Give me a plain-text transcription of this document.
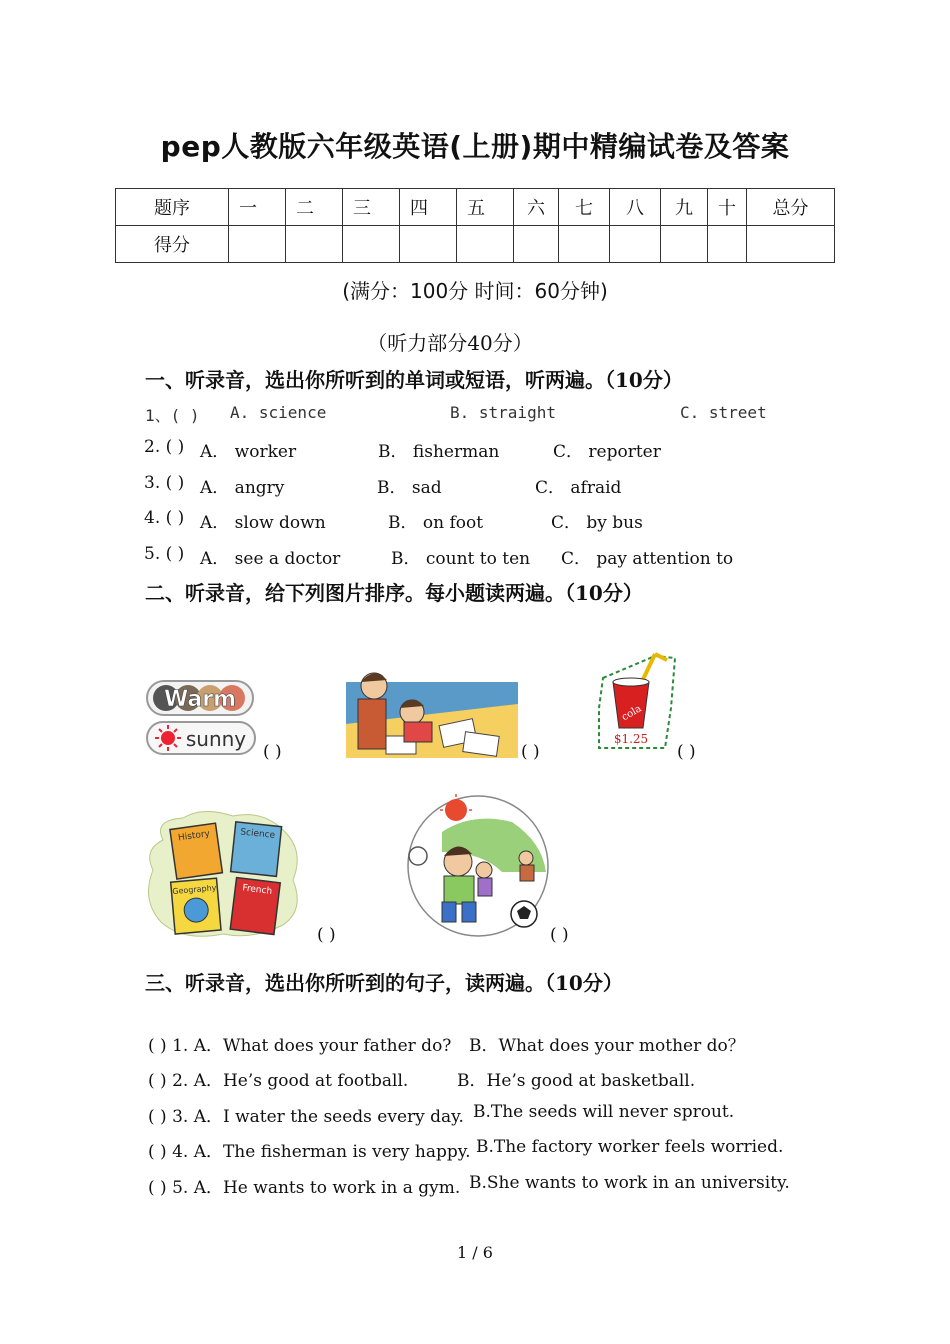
pep人教版六年级英语(上册)期中精编试卷及答案
题序	一	二	三	四	五	六	七	八	九	十	总分
得分											
(满分：100分 时间：60分钟)
（听力部分40分）
一、听录音，选出你所听到的单词或短语，听两遍。（10分）
1、( ) A. science	B. straight	C. street
2. ( ) A． worker	B． fisherman	C． reporter
3. ( ) A． angry	B． sad	C． afraid
4. ( ) A． slow down	B． on foot	C． by bus
5. ( ) A． see a doctor	B． count to ten C． pay attention to
二、听录音，给下列图片排序。每小题读两遍。（10分）
Warm
sunny
( )	( )
cola
$1.25
( )
History	Science
Geography	French
( )	( )
三、听录音，选出你所听到的句子，读两遍。（10分）
( ) 1. A．What does your father do? B．What does your mother do？
( ) 2. A．He’s good at football.	B．He’s good at basketball.
( ) 3. A．I water the seeds every day. B.The seeds will never sprout.
( ) 4. A．The fisherman is very happy. B.The factory worker feels worried.
( ) 5. A．He wants to work in a gym. B.She wants to work in an university.
1 / 6
